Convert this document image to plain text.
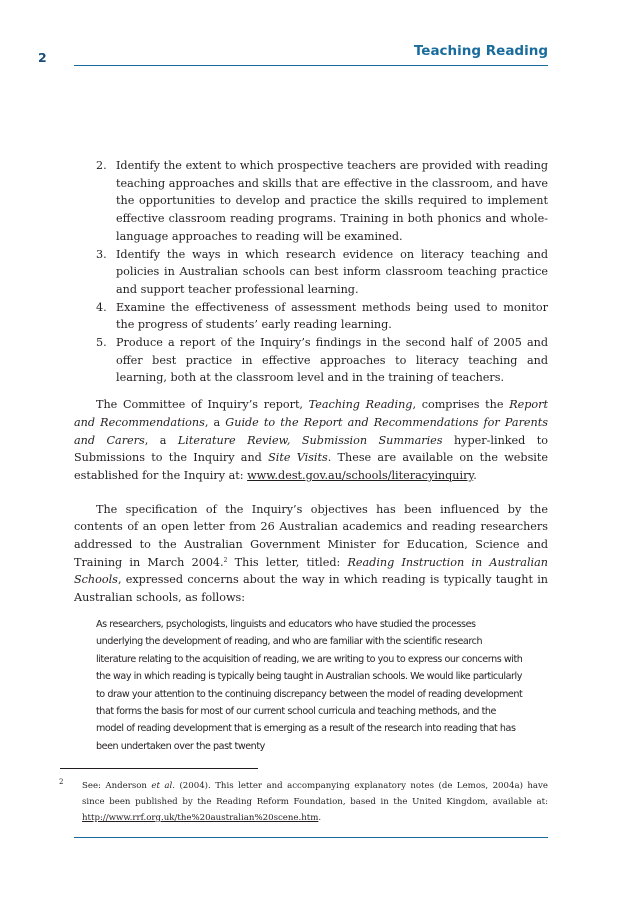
2	Teaching Reading
2. Identify the extent to which prospective teachers are provided with reading teaching approaches and skills that are effective in the classroom, and have the opportunities to develop and practice the skills required to implement effective classroom reading programs. Training in both phonics and whole-language approaches to reading will be examined.
3. Identify the ways in which research evidence on literacy teaching and policies in Australian schools can best inform classroom teaching practice and support teacher professional learning.
4. Examine the effectiveness of assessment methods being used to monitor the progress of students’ early reading learning.
5. Produce a report of the Inquiry’s findings in the second half of 2005 and offer best practice in effective approaches to literacy teaching and learning, both at the classroom level and in the training of teachers.

The Committee of Inquiry’s report, Teaching Reading, comprises the Report and Recommendations, a Guide to the Report and Recommendations for Parents and Carers, a Literature Review, Submission Summaries hyper-linked to Submissions to the Inquiry and Site Visits. These are available on the website established for the Inquiry at: www.dest.gov.au/schools/literacyinquiry.

The specification of the Inquiry’s objectives has been influenced by the contents of an open letter from 26 Australian academics and reading researchers addressed to the Australian Government Minister for Education, Science and Training in March 2004.$^2$ This letter, titled: Reading Instruction in Australian Schools, expressed concerns about the way in which reading is typically taught in Australian schools, as follows:

As researchers, psychologists, linguists and educators who have studied the processes underlying the development of reading, and who are familiar with the scientific research literature relating to the acquisition of reading, we are writing to you to express our concerns with the way in which reading is typically being taught in Australian schools. We would like particularly to draw your attention to the continuing discrepancy between the model of reading development that forms the basis for most of our current school curricula and teaching methods, and the model of reading development that is emerging as a result of the research into reading that has been undertaken over the past twenty
2	See: Anderson et al. (2004). This letter and accompanying explanatory notes (de Lemos, 2004a) have since been published by the Reading Reform Foundation, based in the United Kingdom, available at: http://www.rrf.org.uk/the%20australian%20scene.htm.
